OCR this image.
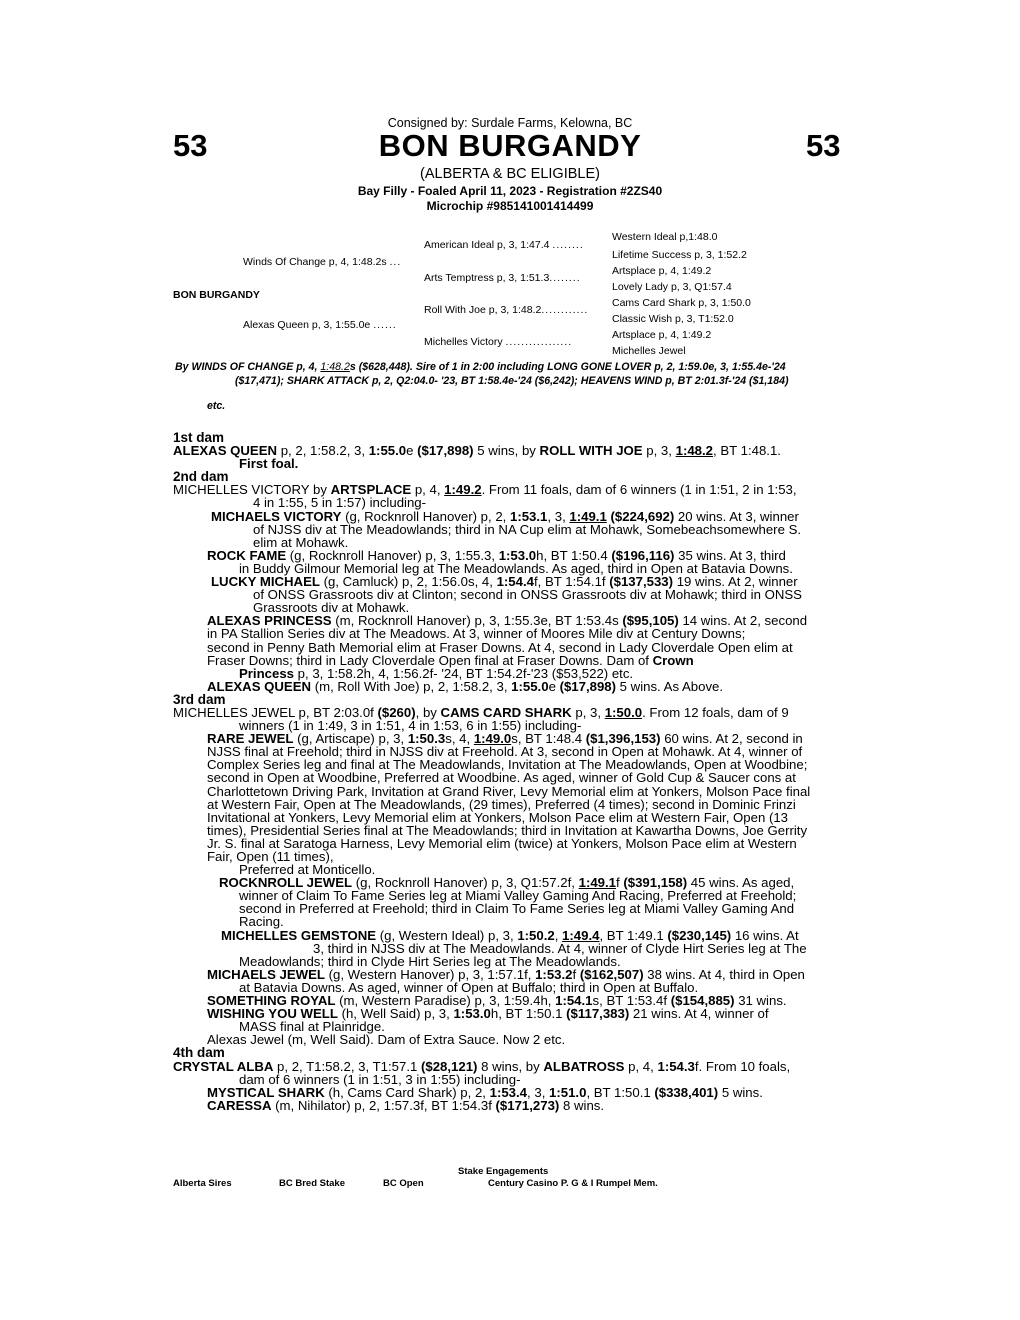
Consigned by: Surdale Farms, Kelowna, BC
53	53
BON BURGANDY
(ALBERTA & BC ELIGIBLE)
Bay Filly - Foaled April 11, 2023 - Registration #2ZS40
Microchip #985141001414499
BON BURGANDY
Winds Of Change p, 4, 1:48.2s ...
Alexas Queen p, 3, 1:55.0e ......
American Ideal p, 3, 1:47.4 ........
Arts Temptress p, 3, 1:51.3........
Roll With Joe p, 3, 1:48.2............
Michelles Victory .................
Western Ideal p,1:48.0
Lifetime Success p, 3, 1:52.2
Artsplace p, 4, 1:49.2
Lovely Lady p, 3, Q1:57.4
Cams Card Shark p, 3, 1:50.0
Classic Wish p, 3, T1:52.0
Artsplace p, 4, 1:49.2
Michelles Jewel
By WINDS OF CHANGE p, 4, 1:48.2s ($628,448). Sire of 1 in 2:00 including LONG GONE LOVER p, 2, 1:59.0e, 3, 1:55.4e-'24
($17,471); SHARK ATTACK p, 2, Q2:04.0- '23, BT 1:58.4e-'24 ($6,242); HEAVENS WIND p, BT 2:01.3f-'24 ($1,184)
etc.
1st dam
ALEXAS QUEEN p, 2, 1:58.2, 3, 1:55.0e ($17,898) 5 wins, by ROLL WITH JOE p, 3, 1:48.2, BT 1:48.1.
First foal.
2nd dam
MICHELLES VICTORY by ARTSPLACE p, 4, 1:49.2. From 11 foals, dam of 6 winners (1 in 1:51, 2 in 1:53,
4 in 1:55, 5 in 1:57) including-
MICHAELS VICTORY (g, Rocknroll Hanover) p, 2, 1:53.1, 3, 1:49.1 ($224,692) 20 wins. At 3, winner
of NJSS div at The Meadowlands; third in NA Cup elim at Mohawk, Somebeachsomewhere S.
elim at Mohawk.
ROCK FAME (g, Rocknroll Hanover) p, 3, 1:55.3, 1:53.0h, BT 1:50.4 ($196,116) 35 wins. At 3, third
in Buddy Gilmour Memorial leg at The Meadowlands. As aged, third in Open at Batavia Downs.
LUCKY MICHAEL (g, Camluck) p, 2, 1:56.0s, 4, 1:54.4f, BT 1:54.1f ($137,533) 19 wins. At 2, winner
of ONSS Grassroots div at Clinton; second in ONSS Grassroots div at Mohawk; third in ONSS
Grassroots div at Mohawk.
ALEXAS PRINCESS (m, Rocknroll Hanover) p, 3, 1:55.3e, BT 1:53.4s ($95,105) 14 wins. At 2, second
in PA Stallion Series div at The Meadows. At 3, winner of Moores Mile div at Century Downs;
second in Penny Bath Memorial elim at Fraser Downs. At 4, second in Lady Cloverdale Open elim at
Fraser Downs; third in Lady Cloverdale Open final at Fraser Downs. Dam of Crown
Princess p, 3, 1:58.2h, 4, 1:56.2f- '24, BT 1:54.2f-'23 ($53,522) etc.
ALEXAS QUEEN (m, Roll With Joe) p, 2, 1:58.2, 3, 1:55.0e ($17,898) 5 wins. As Above.
3rd dam
MICHELLES JEWEL p, BT 2:03.0f ($260), by CAMS CARD SHARK p, 3, 1:50.0. From 12 foals, dam of 9
winners (1 in 1:49, 3 in 1:51, 4 in 1:53, 6 in 1:55) including-
RARE JEWEL (g, Artiscape) p, 3, 1:50.3s, 4, 1:49.0s, BT 1:48.4 ($1,396,153) 60 wins. At 2, second in
NJSS final at Freehold; third in NJSS div at Freehold. At 3, second in Open at Mohawk. At 4, winner of
Complex Series leg and final at The Meadowlands, Invitation at The Meadowlands, Open at Woodbine;
second in Open at Woodbine, Preferred at Woodbine. As aged, winner of Gold Cup & Saucer cons at
Charlottetown Driving Park, Invitation at Grand River, Levy Memorial elim at Yonkers, Molson Pace final
at Western Fair, Open at The Meadowlands, (29 times), Preferred (4 times); second in Dominic Frinzi
Invitational at Yonkers, Levy Memorial elim at Yonkers, Molson Pace elim at Western Fair, Open (13
times), Presidential Series final at The Meadowlands; third in Invitation at Kawartha Downs, Joe Gerrity
Jr. S. final at Saratoga Harness, Levy Memorial elim (twice) at Yonkers, Molson Pace elim at Western
Fair, Open (11 times),
Preferred at Monticello.
ROCKNROLL JEWEL (g, Rocknroll Hanover) p, 3, Q1:57.2f, 1:49.1f ($391,158) 45 wins. As aged,
winner of Claim To Fame Series leg at Miami Valley Gaming And Racing, Preferred at Freehold;
second in Preferred at Freehold; third in Claim To Fame Series leg at Miami Valley Gaming And
Racing.
MICHELLES GEMSTONE (g, Western Ideal) p, 3, 1:50.2, 1:49.4, BT 1:49.1 ($230,145) 16 wins. At
3, third in NJSS div at The Meadowlands. At 4, winner of Clyde Hirt Series leg at The
Meadowlands; third in Clyde Hirt Series leg at The Meadowlands.
MICHAELS JEWEL (g, Western Hanover) p, 3, 1:57.1f, 1:53.2f ($162,507) 38 wins. At 4, third in Open
at Batavia Downs. As aged, winner of Open at Buffalo; third in Open at Buffalo.
SOMETHING ROYAL (m, Western Paradise) p, 3, 1:59.4h, 1:54.1s, BT 1:53.4f ($154,885) 31 wins.
WISHING YOU WELL (h, Well Said) p, 3, 1:53.0h, BT 1:50.1 ($117,383) 21 wins. At 4, winner of
MASS final at Plainridge.
Alexas Jewel (m, Well Said). Dam of Extra Sauce. Now 2 etc.
4th dam
CRYSTAL ALBA p, 2, T1:58.2, 3, T1:57.1 ($28,121) 8 wins, by ALBATROSS p, 4, 1:54.3f. From 10 foals,
dam of 6 winners (1 in 1:51, 3 in 1:55) including-
MYSTICAL SHARK (h, Cams Card Shark) p, 2, 1:53.4, 3, 1:51.0, BT 1:50.1 ($338,401) 5 wins.
CARESSA (m, Nihilator) p, 2, 1:57.3f, BT 1:54.3f ($171,273) 8 wins.
Stake Engagements
Alberta Sires	BC Bred Stake	BC Open	Century Casino P. G & I Rumpel Mem.
